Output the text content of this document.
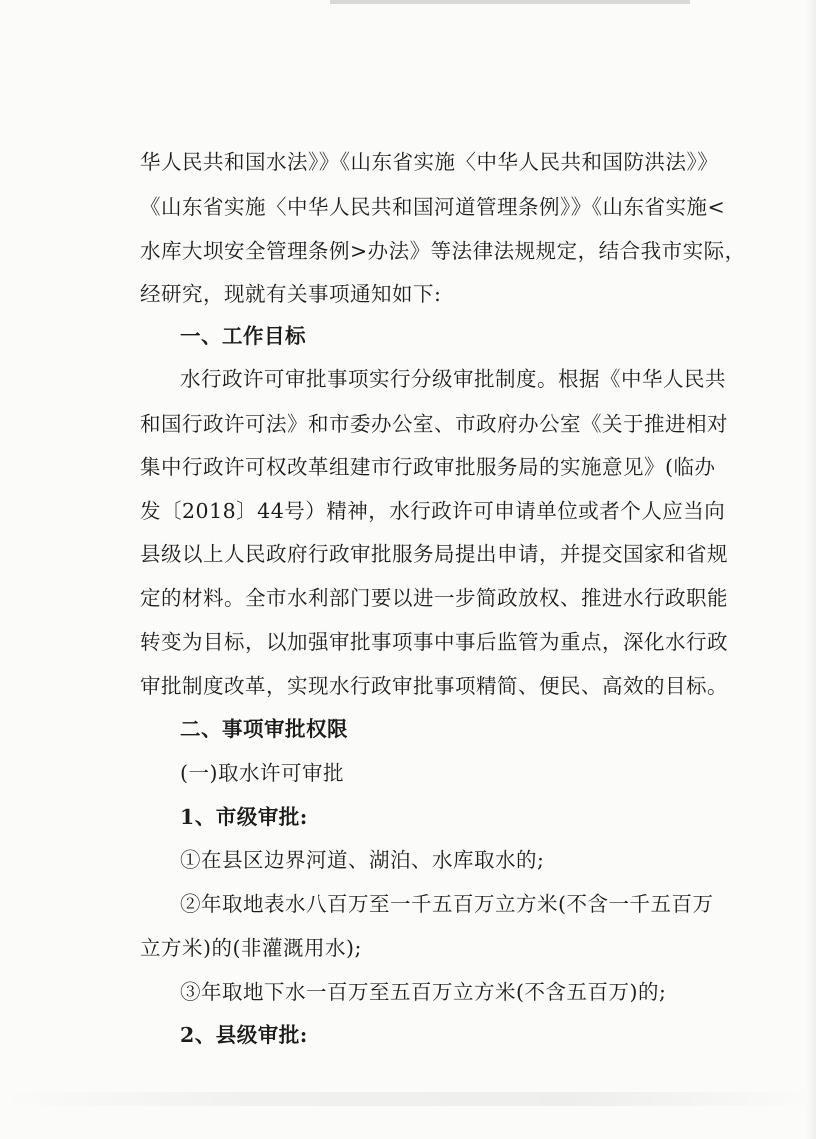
华人民共和国水法》》《山东省实施〈中华人民共和国防洪法》》
《山东省实施〈中华人民共和国河道管理条例》》《山东省实施<
水库大坝安全管理条例>办法》等法律法规规定，结合我市实际，
经研究，现就有关事项通知如下:
一、工作目标
水行政许可审批事项实行分级审批制度。根据《中华人民共
和国行政许可法》和市委办公室、市政府办公室《关于推进相对
集中行政许可权改革组建市行政审批服务局的实施意见》(临办
发〔2018〕44号）精神，水行政许可申请单位或者个人应当向
县级以上人民政府行政审批服务局提出申请，并提交国家和省规
定的材料。全市水利部门要以进一步简政放权、推进水行政职能
转变为目标，以加强审批事项事中事后监管为重点，深化水行政
审批制度改革，实现水行政审批事项精简、便民、高效的目标。
二、事项审批权限
(一)取水许可审批
1、市级审批:
①在县区边界河道、湖泊、水库取水的;
②年取地表水八百万至一千五百万立方米(不含一千五百万
立方米)的(非灌溉用水);
③年取地下水一百万至五百万立方米(不含五百万)的;
2、县级审批:
